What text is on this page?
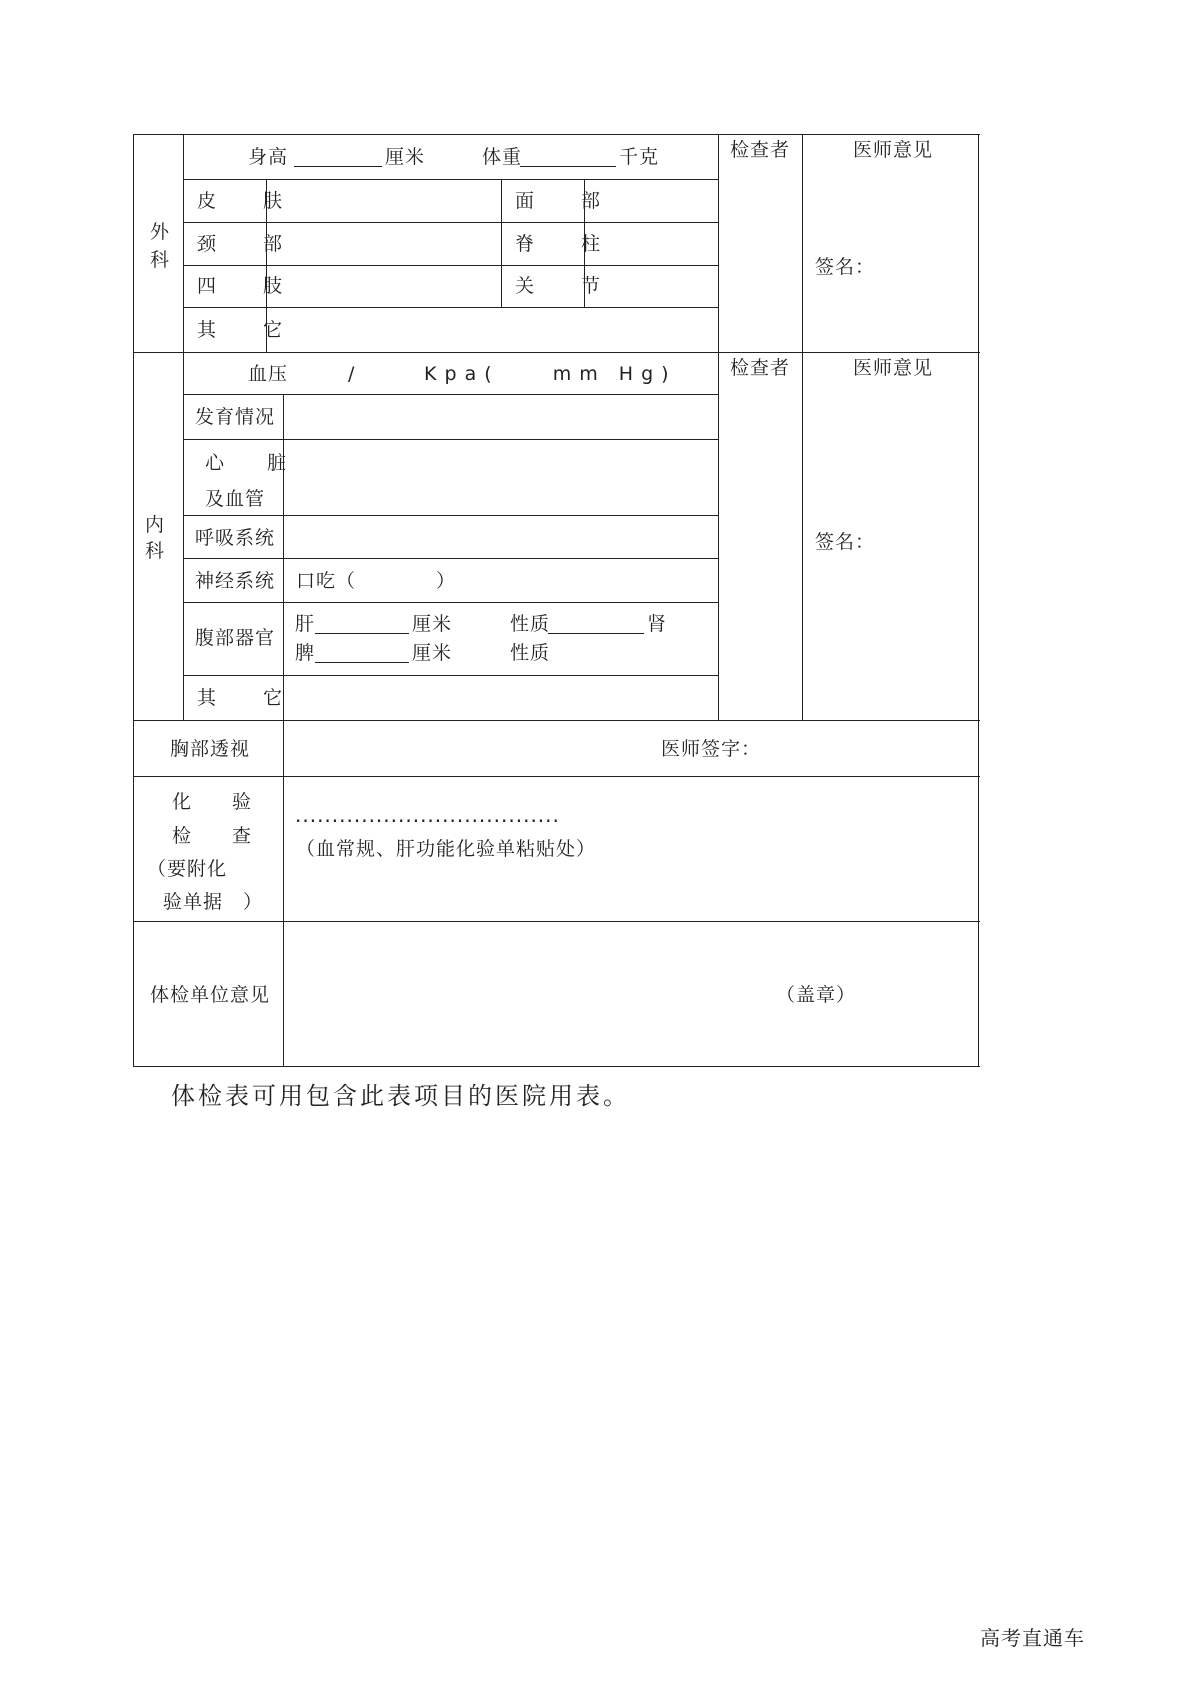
外
科
身高	厘米	体重	千克
皮　肤	面　部
颈　部	脊　柱
四　肢	关　节
其　它
检查者	医师意见
签名：
内
科
血压	/	K p a (　　　m m　H g )
发育情况
心　脏
及血管
呼吸系统
神经系统 口吃（　　　　）
腹部器官
肝	厘米	性质	肾
脾	厘米	性质
其　它
检查者	医师意见
签名：
胸部透视	医师签字：
化　　验
检　　查
（要附化
验单据　）
....................................
（血常规、肝功能化验单粘贴处）
体检单位意见	（盖章）
体检表可用包含此表项目的医院用表。
高考直通车
